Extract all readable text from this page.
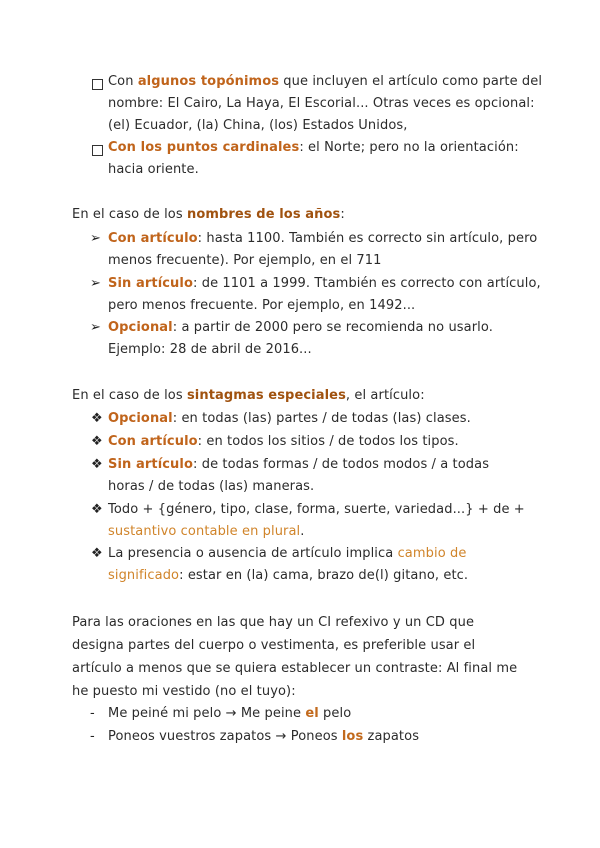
Con algunos topónimos que incluyen el artículo como parte del
nombre: El Cairo, La Haya, El Escorial... Otras veces es opcional:
(el) Ecuador, (la) China, (los) Estados Unidos,
Con los puntos cardinales: el Norte; pero no la orientación:
hacia oriente.
En el caso de los nombres de los años:
➢ Con artículo: hasta 1100. También es correcto sin artículo, pero
menos frecuente). Por ejemplo, en el 711
➢ Sin artículo: de 1101 a 1999. Ttambién es correcto con artículo,
pero menos frecuente. Por ejemplo, en 1492...
➢ Opcional: a partir de 2000 pero se recomienda no usarlo.
Ejemplo: 28 de abril de 2016...
En el caso de los sintagmas especiales, el artículo:
❖ Opcional: en todas (las) partes / de todas (las) clases.
❖ Con artículo: en todos los sitios / de todos los tipos.
❖ Sin artículo: de todas formas / de todos modos / a todas
horas / de todas (las) maneras.
❖ Todo + {género, tipo, clase, forma, suerte, variedad...} + de +
sustantivo contable en plural.
❖ La presencia o ausencia de artículo implica cambio de
significado: estar en (la) cama, brazo de(l) gitano, etc.
Para las oraciones en las que hay un CI refexivo y un CD que
designa partes del cuerpo o vestimenta, es preferible usar el
artículo a menos que se quiera establecer un contraste: Al final me
he puesto mi vestido (no el tuyo):
- Me peiné mi pelo → Me peine el pelo
- Poneos vuestros zapatos → Poneos los zapatos
